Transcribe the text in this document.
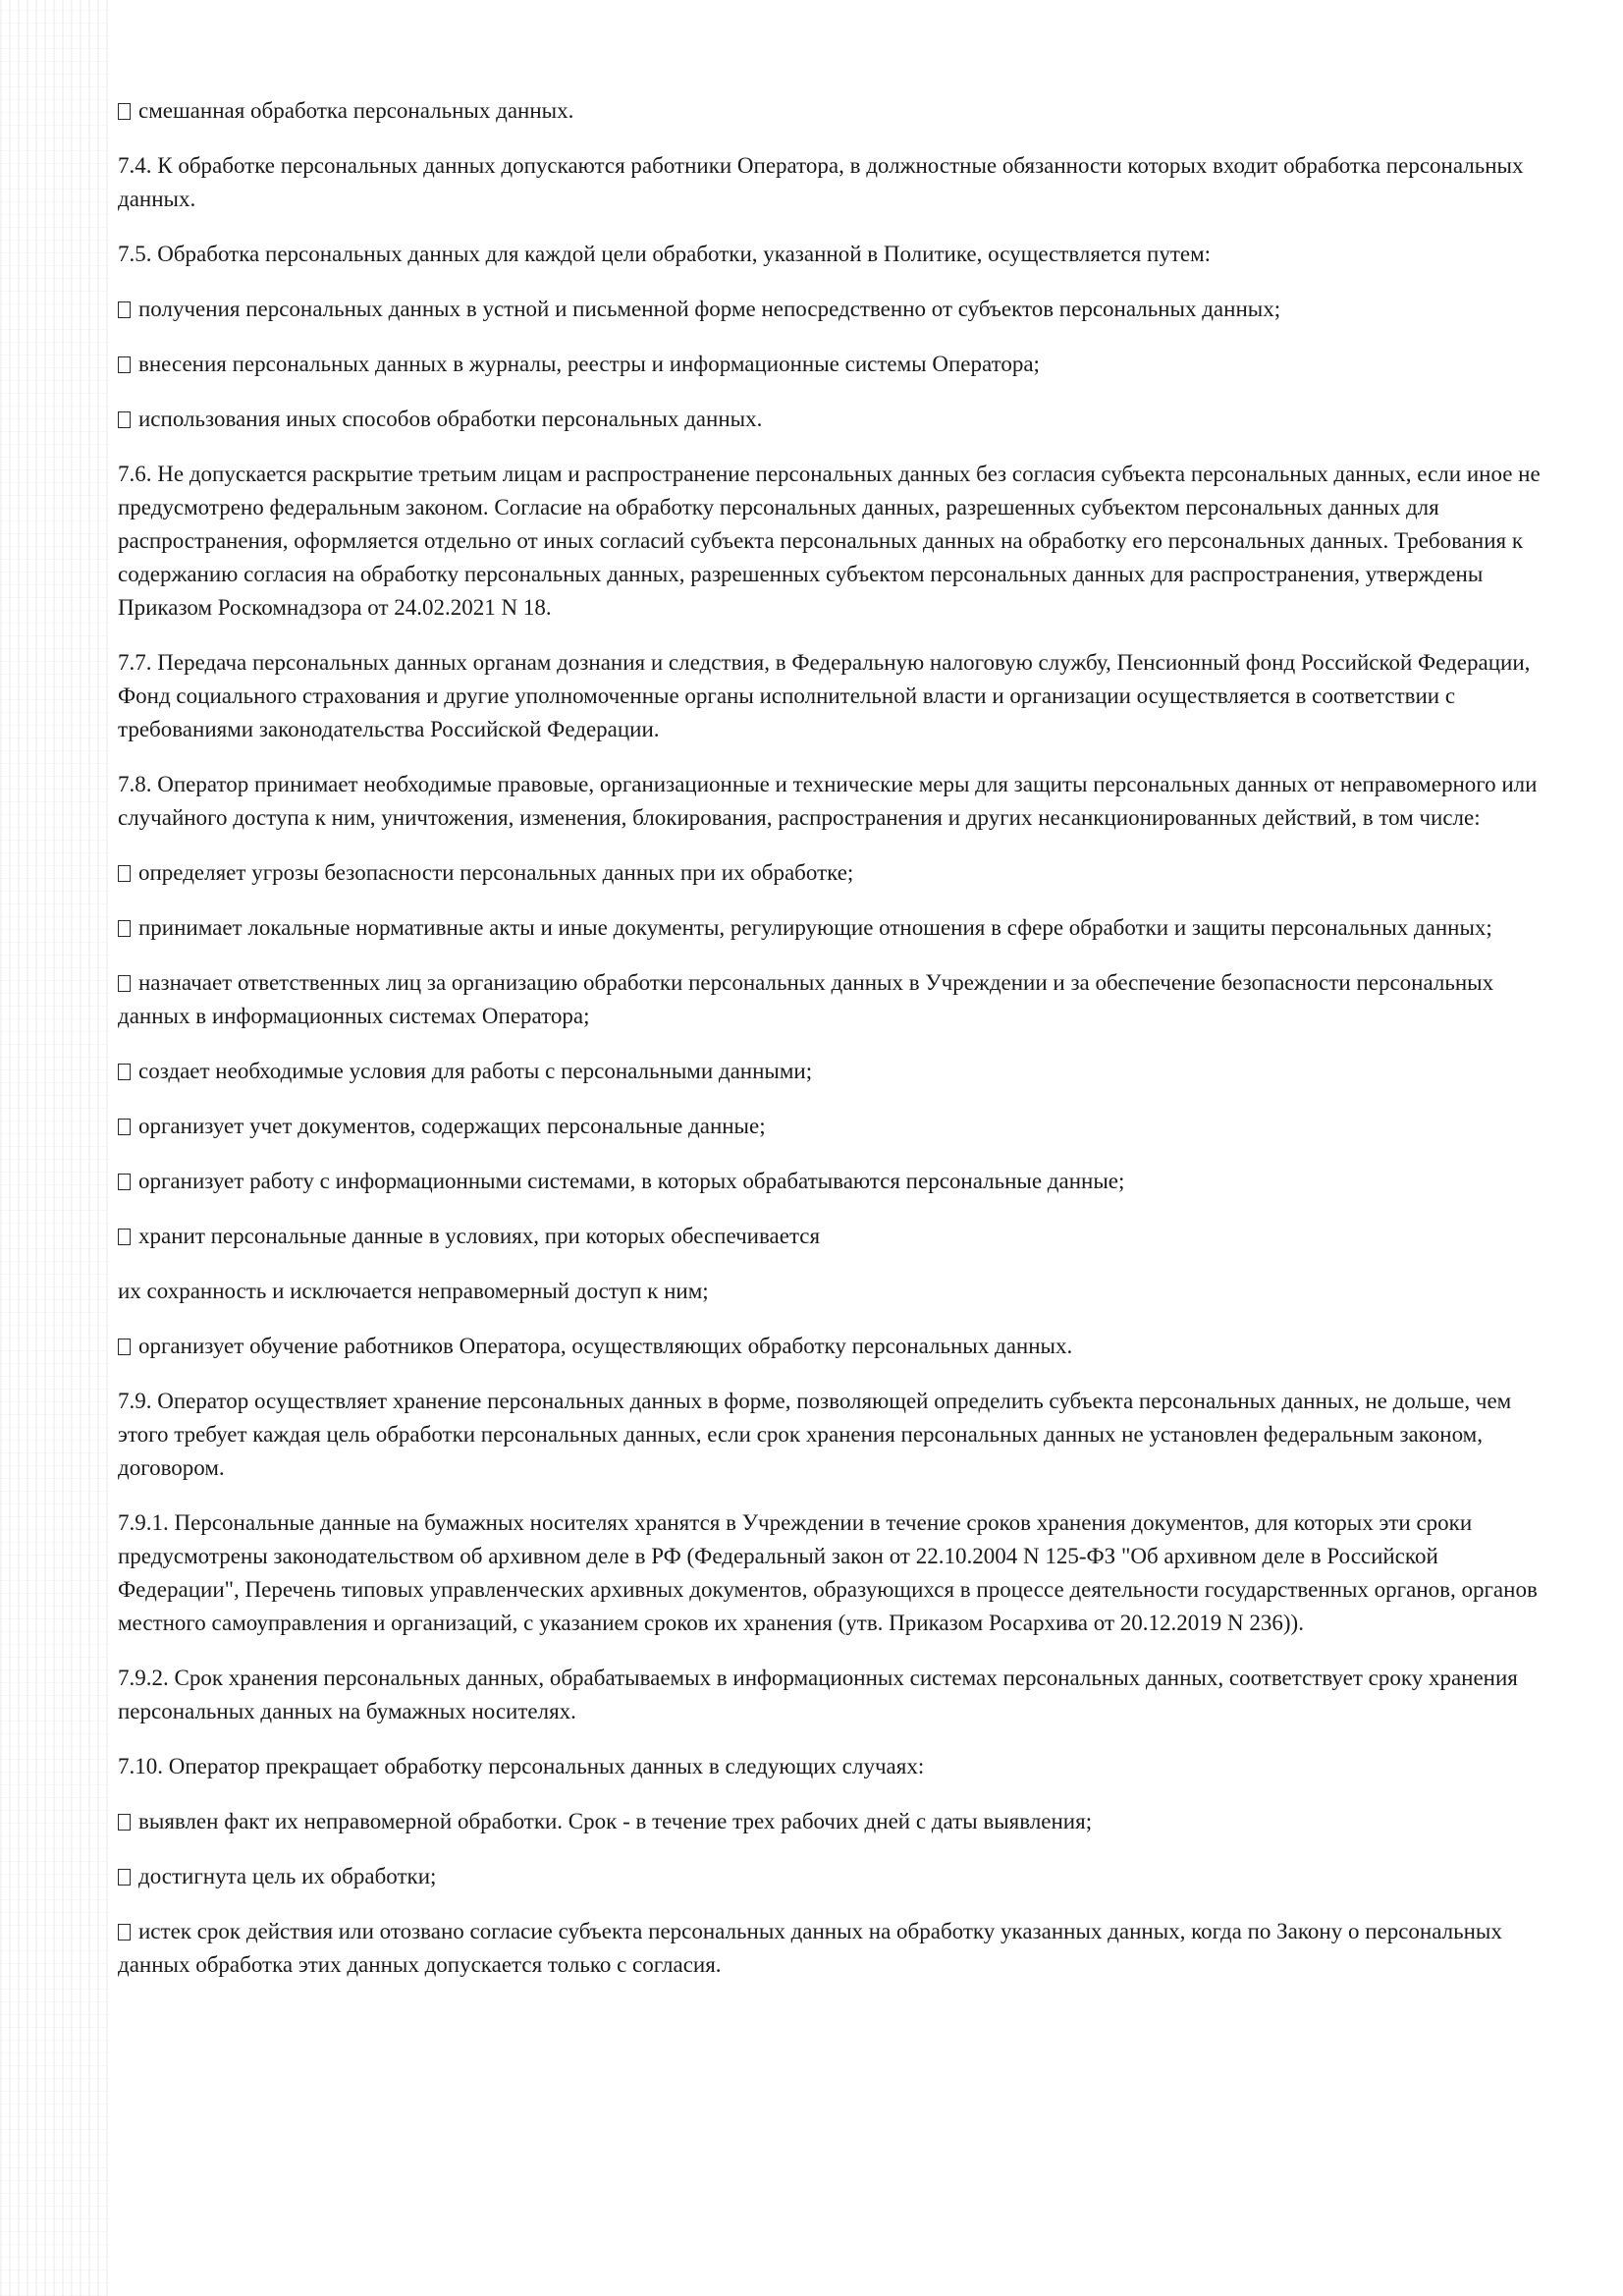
смешанная обработка персональных данных.

7.4. К обработке персональных данных допускаются работники Оператора, в должностные обязанности которых входит обработка персональных данных.

7.5. Обработка персональных данных для каждой цели обработки, указанной в Политике, осуществляется путем:

получения персональных данных в устной и письменной форме непосредственно от субъектов персональных данных;

внесения персональных данных в журналы, реестры и информационные системы Оператора;

использования иных способов обработки персональных данных.

7.6. Не допускается раскрытие третьим лицам и распространение персональных данных без согласия субъекта персональных данных, если иное не предусмотрено федеральным законом. Согласие на обработку персональных данных, разрешенных субъектом персональных данных для распространения, оформляется отдельно от иных согласий субъекта персональных данных на обработку его персональных данных. Требования к содержанию согласия на обработку персональных данных, разрешенных субъектом персональных данных для распространения, утверждены Приказом Роскомнадзора от 24.02.2021 N 18.

7.7. Передача персональных данных органам дознания и следствия, в Федеральную налоговую службу, Пенсионный фонд Российской Федерации, Фонд социального страхования и другие уполномоченные органы исполнительной власти и организации осуществляется в соответствии с требованиями законодательства Российской Федерации.

7.8. Оператор принимает необходимые правовые, организационные и технические меры для защиты персональных данных от неправомерного или случайного доступа к ним, уничтожения, изменения, блокирования, распространения и других несанкционированных действий, в том числе:

определяет угрозы безопасности персональных данных при их обработке;

принимает локальные нормативные акты и иные документы, регулирующие отношения в сфере обработки и защиты персональных данных;

назначает ответственных лиц за организацию обработки персональных данных в Учреждении и за обеспечение безопасности персональных данных в информационных системах Оператора;

создает необходимые условия для работы с персональными данными;

организует учет документов, содержащих персональные данные;

организует работу с информационными системами, в которых обрабатываются персональные данные;

хранит персональные данные в условиях, при которых обеспечивается

их сохранность и исключается неправомерный доступ к ним;

организует обучение работников Оператора, осуществляющих обработку персональных данных.

7.9. Оператор осуществляет хранение персональных данных в форме, позволяющей определить субъекта персональных данных, не дольше, чем этого требует каждая цель обработки персональных данных, если срок хранения персональных данных не установлен федеральным законом, договором.

7.9.1. Персональные данные на бумажных носителях хранятся в Учреждении в течение сроков хранения документов, для которых эти сроки предусмотрены законодательством об архивном деле в РФ (Федеральный закон от 22.10.2004 N 125-ФЗ "Об архивном деле в Российской Федерации", Перечень типовых управленческих архивных документов, образующихся в процессе деятельности государственных органов, органов местного самоуправления и организаций, с указанием сроков их хранения (утв. Приказом Росархива от 20.12.2019 N 236)).

7.9.2. Срок хранения персональных данных, обрабатываемых в информационных системах персональных данных, соответствует сроку хранения персональных данных на бумажных носителях.

7.10. Оператор прекращает обработку персональных данных в следующих случаях:

выявлен факт их неправомерной обработки. Срок - в течение трех рабочих дней с даты выявления;

достигнута цель их обработки;

истек срок действия или отозвано согласие субъекта персональных данных на обработку указанных данных, когда по Закону о персональных данных обработка этих данных допускается только с согласия.
